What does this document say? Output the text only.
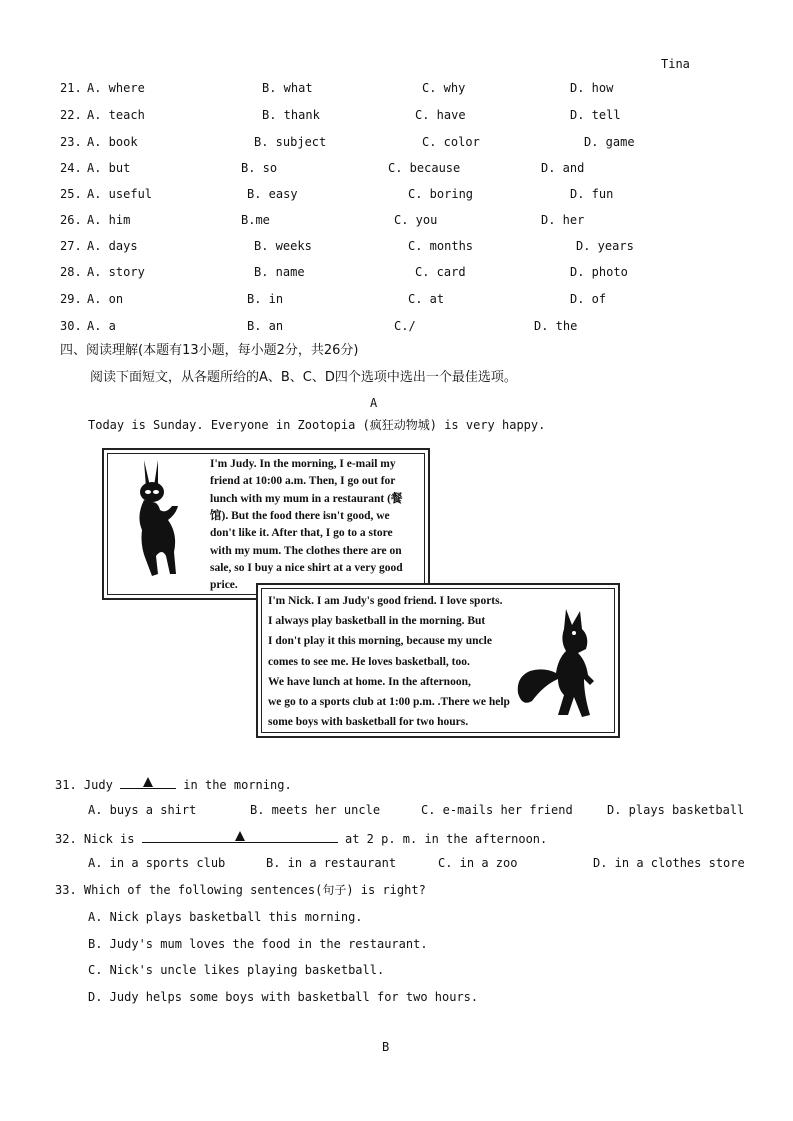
Tina
21. A. where	B. what	C. why	D. how
22. A. teach	B. thank	C. have	D. tell
23. A. book	B. subject	C. color	D. game
24. A. but	B. so	C. because	D. and
25. A. useful	B. easy	C. boring	D. fun
26. A. him	B.me	C. you	D. her
27. A. days	B. weeks	C. months	D. years
28. A. story	B. name	C. card	D. photo
29. A. on	B. in	C. at	D. of
30. A. a	B. an	C./	D. the
四、阅读理解(本题有13小题，每小题2分，共26分)
阅读下面短文，从各题所给的A、B、C、D四个选项中选出一个最佳选项。
A
Today is Sunday. Everyone in Zootopia (疯狂动物城) is very happy.
I'm Judy. In the morning, I e-mail my
friend at 10:00 a.m. Then, I go out for
lunch with my mum in a restaurant (餐
馆). But the food there isn't good, we
don't like it. After that, I go to a store
with my mum. The clothes there are on
sale, so I buy a nice shirt at a very good
price.
I'm Nick. I am Judy's good friend. I love sports.
I always play basketball in the morning. But
I don't play it this morning, because my uncle
comes to see me. He loves basketball, too.
We have lunch at home. In the afternoon,
we go to a sports club at 1:00 p.m. .There we help
some boys with basketball for two hours.
31. Judy	in the morning.
A. buys a shirt	B. meets her uncle	C. e-mails her friend	D. plays basketball
32. Nick is	at 2 p. m. in the afternoon.
A. in a sports club	B. in a restaurant	C. in a zoo	D. in a clothes store
33. Which of the following sentences(句子) is right?
A. Nick plays basketball this morning.
B. Judy's mum loves the food in the restaurant.
C. Nick's uncle likes playing basketball.
D. Judy helps some boys with basketball for two hours.
B
